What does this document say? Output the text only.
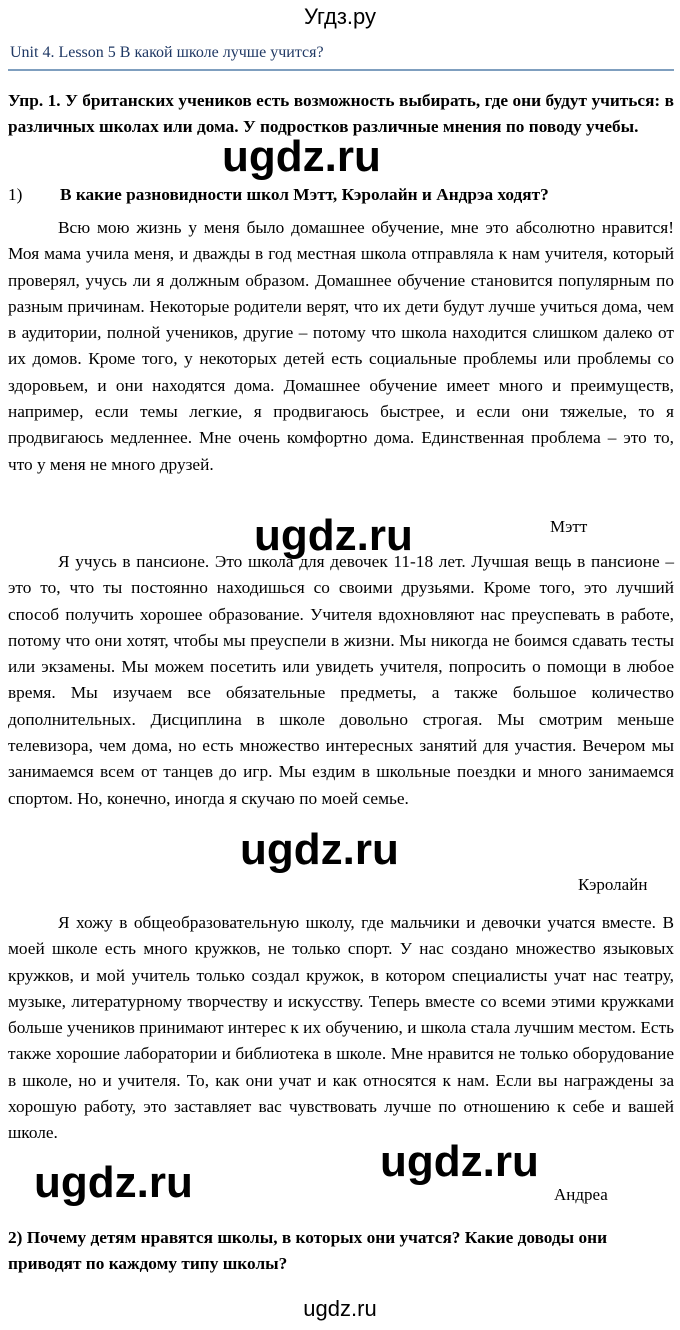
Угдз.ру
Unit 4. Lesson 5 В какой школе лучше учится?
Упр. 1. У британских учеников есть возможность выбирать, где они будут учиться: в различных школах или дома. У подростков различные мнения по поводу учебы.
1) В какие разновидности школ Мэтт, Кэролайн и Андрэа ходят?
Всю мою жизнь у меня было домашнее обучение, мне это абсолютно нравится! Моя мама учила меня, и дважды в год местная школа отправляла к нам учителя, который проверял, учусь ли я должным образом. Домашнее обучение становится популярным по разным причинам. Некоторые родители верят, что их дети будут лучше учиться дома, чем в аудитории, полной учеников, другие – потому что школа находится слишком далеко от их домов. Кроме того, у некоторых детей есть социальные проблемы или проблемы со здоровьем, и они находятся дома. Домашнее обучение имеет много и преимуществ, например, если темы легкие, я продвигаюсь быстрее, и если они тяжелые, то я продвигаюсь медленнее. Мне очень комфортно дома. Единственная проблема – это то, что у меня не много друзей.
Мэтт
Я учусь в пансионе. Это школа для девочек 11-18 лет. Лучшая вещь в пансионе – это то, что ты постоянно находишься со своими друзьями. Кроме того, это лучший способ получить хорошее образование. Учителя вдохновляют нас преуспевать в работе, потому что они хотят, чтобы мы преуспели в жизни. Мы никогда не боимся сдавать тесты или экзамены. Мы можем посетить или увидеть учителя, попросить о помощи в любое время. Мы изучаем все обязательные предметы, а также большое количество дополнительных. Дисциплина в школе довольно строгая. Мы смотрим меньше телевизора, чем дома, но есть множество интересных занятий для участия. Вечером мы занимаемся всем от танцев до игр. Мы ездим в школьные поездки и много занимаемся спортом. Но, конечно, иногда я скучаю по моей семье.
Кэролайн
Я хожу в общеобразовательную школу, где мальчики и девочки учатся вместе. В моей школе есть много кружков, не только спорт. У нас создано множество языковых кружков, и мой учитель только создал кружок, в котором специалисты учат нас театру, музыке, литературному творчеству и искусству. Теперь вместе со всеми этими кружками больше учеников принимают интерес к их обучению, и школа стала лучшим местом. Есть также хорошие лаборатории и библиотека в школе. Мне нравится не только оборудование в школе, но и учителя. То, как они учат и как относятся к нам. Если вы награждены за хорошую работу, это заставляет вас чувствовать лучше по отношению к себе и вашей школе.
Андреа
2) Почему детям нравятся школы, в которых они учатся? Какие доводы они приводят по каждому типу школы?
ugdz.ru
ugdz.ru
ugdz.ru
ugdz.ru
ugdz.ru
ugdz.ru
